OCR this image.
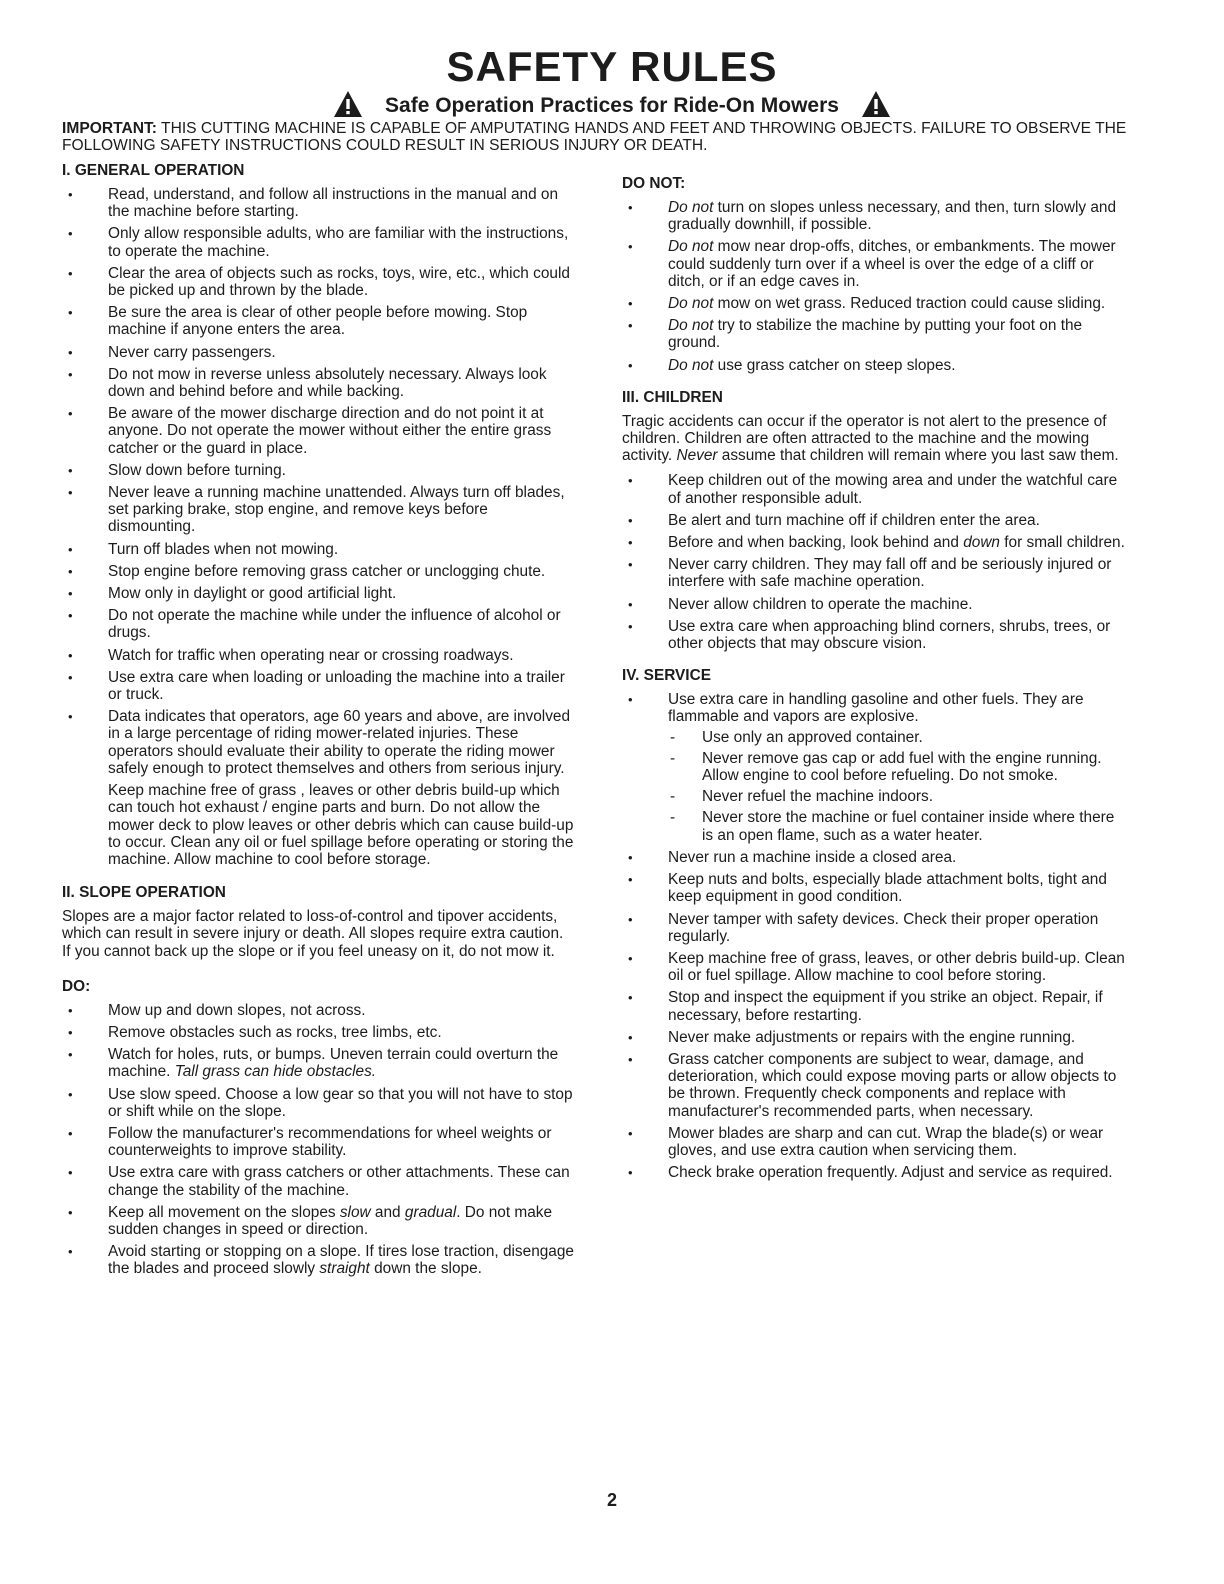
SAFETY RULES
Safe Operation Practices for Ride-On Mowers
IMPORTANT: THIS CUTTING MACHINE IS CAPABLE OF AMPUTATING HANDS AND FEET AND THROWING OBJECTS. FAILURE TO OBSERVE THE FOLLOWING SAFETY INSTRUCTIONS COULD RESULT IN SERIOUS INJURY OR DEATH.
I. GENERAL OPERATION
• Read, understand, and follow all instructions in the manual and on the machine before starting.
• Only allow responsible adults, who are familiar with the instructions, to operate the machine.
• Clear the area of objects such as rocks, toys, wire, etc., which could be picked up and thrown by the blade.
• Be sure the area is clear of other people before mowing. Stop machine if anyone enters the area.
• Never carry passengers.
• Do not mow in reverse unless absolutely necessary. Always look down and behind before and while backing.
• Be aware of the mower discharge direction and do not point it at anyone. Do not operate the mower without either the entire grass catcher or the guard in place.
• Slow down before turning.
• Never leave a running machine unattended. Always turn off blades, set parking brake, stop engine, and remove keys before dismounting.
• Turn off blades when not mowing.
• Stop engine before removing grass catcher or unclogging chute.
• Mow only in daylight or good artificial light.
• Do not operate the machine while under the influence of alcohol or drugs.
• Watch for traffic when operating near or crossing roadways.
• Use extra care when loading or unloading the machine into a trailer or truck.
• Data indicates that operators, age 60 years and above, are involved in a large percentage of riding mower-related injuries. These operators should evaluate their ability to operate the riding mower safely enough to protect themselves and others from serious injury.

Keep machine free of grass , leaves or other debris build-up which can touch hot exhaust / engine parts and burn. Do not allow the mower deck to plow leaves or other debris which can cause build-up to occur. Clean any oil or fuel spillage before operating or storing the machine. Allow machine to cool before storage.

II. SLOPE OPERATION

Slopes are a major factor related to loss-of-control and tipover accidents, which can result in severe injury or death. All slopes require extra caution. If you cannot back up the slope or if you feel uneasy on it, do not mow it.

DO:
• Mow up and down slopes, not across.
• Remove obstacles such as rocks, tree limbs, etc.
• Watch for holes, ruts, or bumps. Uneven terrain could overturn the machine. Tall grass can hide obstacles.
• Use slow speed. Choose a low gear so that you will not have to stop or shift while on the slope.
• Follow the manufacturer's recommendations for wheel weights or counterweights to improve stability.
• Use extra care with grass catchers or other attachments. These can change the stability of the machine.
• Keep all movement on the slopes slow and gradual. Do not make sudden changes in speed or direction.
• Avoid starting or stopping on a slope. If tires lose traction, disengage the blades and proceed slowly straight down the slope.
DO NOT:
• Do not turn on slopes unless necessary, and then, turn slowly and gradually downhill, if possible.
• Do not mow near drop-offs, ditches, or embankments. The mower could suddenly turn over if a wheel is over the edge of a cliff or ditch, or if an edge caves in.
• Do not mow on wet grass. Reduced traction could cause sliding.
• Do not try to stabilize the machine by putting your foot on the ground.
• Do not use grass catcher on steep slopes.
III. CHILDREN

Tragic accidents can occur if the operator is not alert to the presence of children. Children are often attracted to the machine and the mowing activity. Never assume that children will remain where you last saw them.

• Keep children out of the mowing area and under the watchful care of another responsible adult.
• Be alert and turn machine off if children enter the area.
• Before and when backing, look behind and down for small children.
• Never carry children. They may fall off and be seriously injured or interfere with safe machine operation.
• Never allow children to operate the machine.
• Use extra care when approaching blind corners, shrubs, trees, or other objects that may obscure vision.
IV. SERVICE
• Use extra care in handling gasoline and other fuels. They are flammable and vapors are explosive.
- Use only an approved container.
- Never remove gas cap or add fuel with the engine running. Allow engine to cool before refueling. Do not smoke.
- Never refuel the machine indoors.
- Never store the machine or fuel container inside where there is an open flame, such as a water heater.
• Never run a machine inside a closed area.
• Keep nuts and bolts, especially blade attachment bolts, tight and keep equipment in good condition.
• Never tamper with safety devices. Check their proper operation regularly.
• Keep machine free of grass, leaves, or other debris build-up. Clean oil or fuel spillage. Allow machine to cool before storing.
• Stop and inspect the equipment if you strike an object. Repair, if necessary, before restarting.
• Never make adjustments or repairs with the engine running.
• Grass catcher components are subject to wear, damage, and deterioration, which could expose moving parts or allow objects to be thrown. Frequently check components and replace with manufacturer's recommended parts, when necessary.
• Mower blades are sharp and can cut. Wrap the blade(s) or wear gloves, and use extra caution when servicing them.
• Check brake operation frequently. Adjust and service as required.
2
